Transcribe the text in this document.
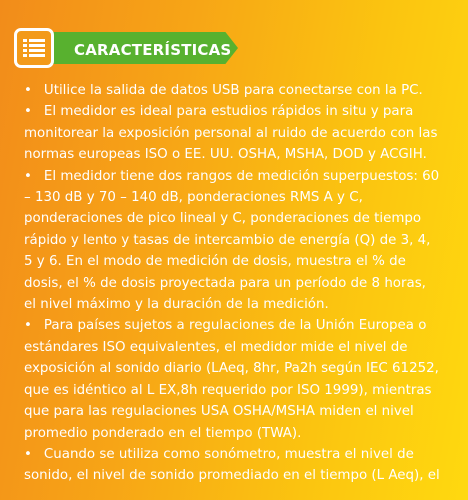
CARACTERÍSTICAS

• Utilice la salida de datos USB para conectarse con la PC.

• El medidor es ideal para estudios rápidos in situ y para monitorear la exposición personal al ruido de acuerdo con las normas europeas ISO o EE. UU. OSHA, MSHA, DOD y ACGIH.

• El medidor tiene dos rangos de medición superpuestos: 60 – 130 dB y 70 – 140 dB, ponderaciones RMS A y C, ponderaciones de pico lineal y C, ponderaciones de tiempo rápido y lento y tasas de intercambio de energía (Q) de 3, 4, 5 y 6. En el modo de medición de dosis, muestra el % de dosis, el % de dosis proyectada para un período de 8 horas, el nivel máximo y la duración de la medición.

• Para países sujetos a regulaciones de la Unión Europea o estándares ISO equivalentes, el medidor mide el nivel de exposición al sonido diario (LAeq, 8hr, Pa2h según IEC 61252, que es idéntico al L EX,8h requerido por ISO 1999), mientras que para las regulaciones USA OSHA/MSHA miden el nivel promedio ponderado en el tiempo (TWA).

• Cuando se utiliza como sonómetro, muestra el nivel de sonido, el nivel de sonido promediado en el tiempo (L Aeq), el
